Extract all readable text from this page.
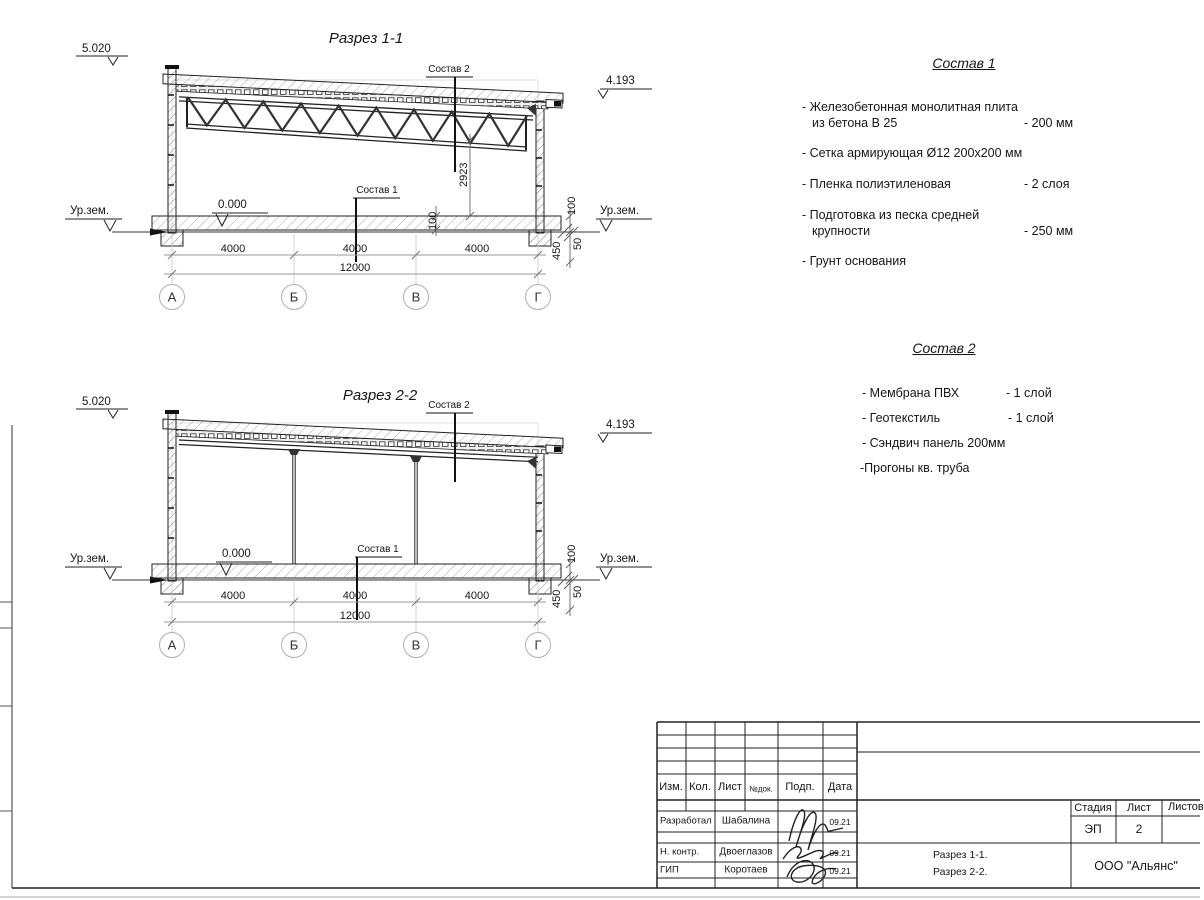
Разрез 1-1
5.020
4.193
Ур.зем.	Ур.зем.
0.000
Состав 2
Состав 1
2923
100
100
450 50
4000	4000	4000
12000
А	Б	В	Г
Разрез 2-2
5.020
4.193
Ур.зем.	Ур.зем.
0.000
Состав 2
Состав 1	100
450 50
4000	4000	4000
12000
А	Б	В	Г
Состав 1
- Железобетонная монолитная плита
из бетона В 25	- 200 мм
- Сетка армирующая Ø12 200х200 мм
- Пленка полиэтиленовая	- 2 слоя
- Подготовка из песка средней
крупности	- 250 мм
- Грунт основания
Состав 2
- Мембрана ПВХ	- 1 слой
- Геотекстиль	- 1 слой
- Сэндвич панель 200мм
-Прогоны кв. труба
Изм. Кол. Лист №док. Подп. Дата
Разработал Шабалина	09.21
Н. контр. Двоеглазов	09.21
ГИП	Коротаев	09.21
Стадия Лист Листов
ЭП	2
Разрез 1-1.
Разрез 2-2.	ООО "Альянс"
